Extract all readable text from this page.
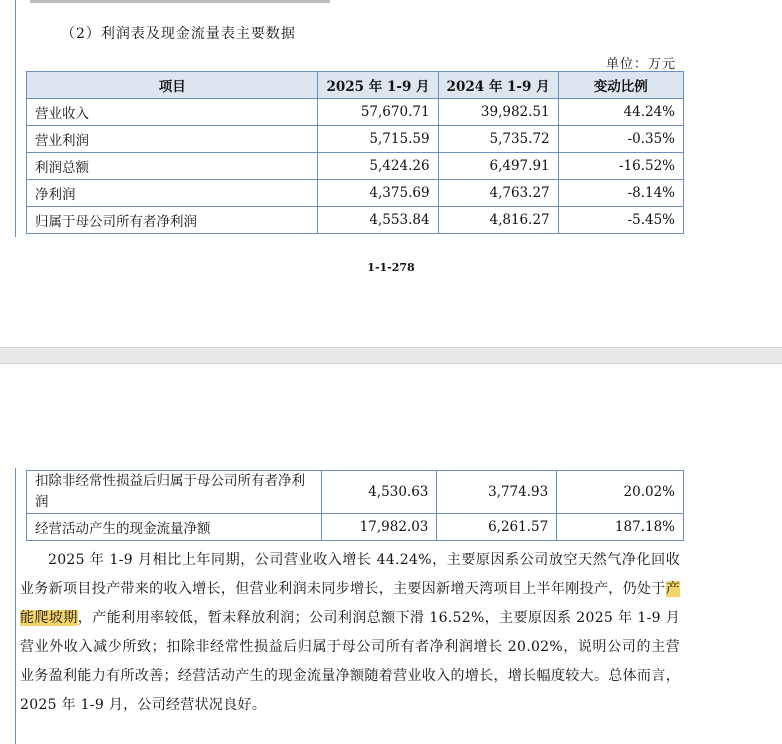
（2）利润表及现金流量表主要数据
单位：万元
项目	2025 年 1-9 月	2024 年 1-9 月	变动比例
营业收入	57,670.71	39,982.51	44.24%
营业利润	5,715.59	5,735.72	-0.35%
利润总额	5,424.26	6,497.91	-16.52%
净利润	4,375.69	4,763.27	-8.14%
归属于母公司所有者净利润	4,553.84	4,816.27	-5.45%
1-1-278
扣除非经常性损益后归属于母公司所有者净利润	4,530.63	3,774.93	20.02%
经营活动产生的现金流量净额	17,982.03	6,261.57	187.18%
2025 年 1-9 月相比上年同期，公司营业收入增长 44.24%，主要原因系公司放空天然气净化回收业务新项目投产带来的收入增长，但营业利润未同步增长，主要因新增天湾项目上半年刚投产，仍处于产能爬坡期，产能利用率较低，暂未释放利润；公司利润总额下滑 16.52%，主要原因系 2025 年 1-9 月营业外收入减少所致；扣除非经常性损益后归属于母公司所有者净利润增长 20.02%，说明公司的主营业务盈利能力有所改善；经营活动产生的现金流量净额随着营业收入的增长，增长幅度较大。总体而言，2025 年 1-9 月，公司经营状况良好。
